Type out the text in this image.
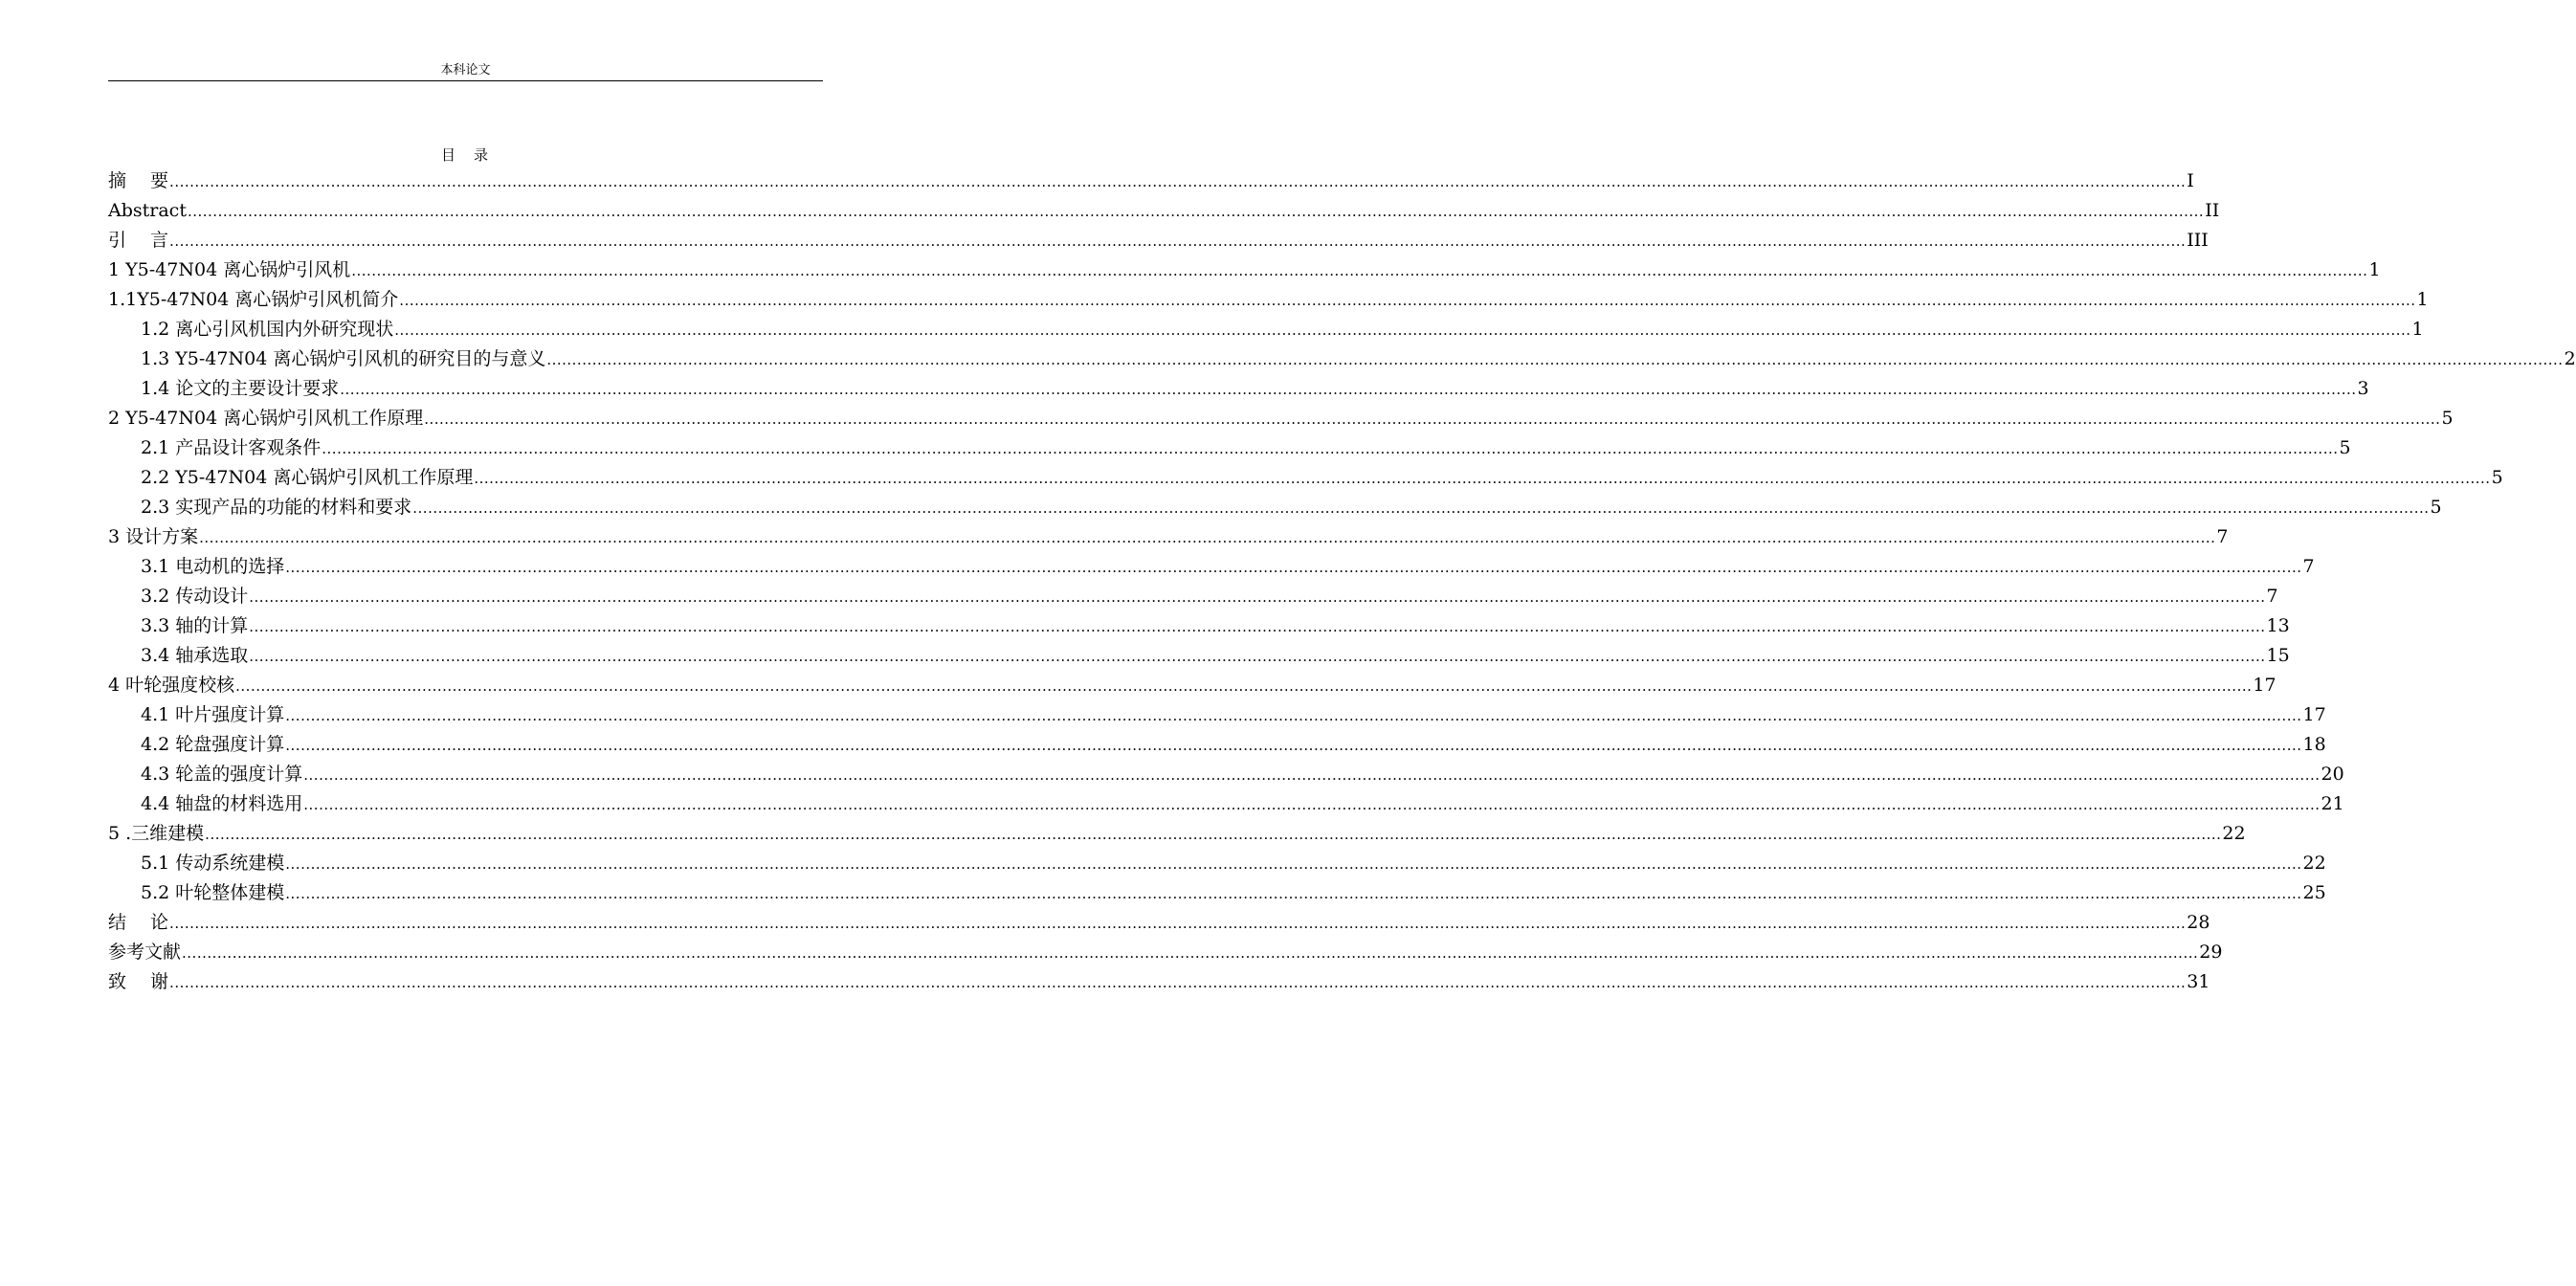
本科论文
目　录
摘　 要 ................................................................................................................................................................................................................................................................................................................................................................................................................ I
Abstract ................................................................................................................................................................................................................................................................................................................................................................................................................ II
引　 言 ................................................................................................................................................................................................................................................................................................................................................................................................................ III
1 Y5-47N04 离心锅炉引风机 ................................................................................................................................................................................................................................................................................................................................................................................................................ 1
1.1Y5-47N04 离心锅炉引风机简介 ................................................................................................................................................................................................................................................................................................................................................................................................................ 1
1.2 离心引风机国内外研究现状 ................................................................................................................................................................................................................................................................................................................................................................................................................ 1
1.3 Y5-47N04 离心锅炉引风机的研究目的与意义 ................................................................................................................................................................................................................................................................................................................................................................................................................ 2
1.4 论文的主要设计要求 ................................................................................................................................................................................................................................................................................................................................................................................................................ 3
2 Y5-47N04 离心锅炉引风机工作原理 ................................................................................................................................................................................................................................................................................................................................................................................................................ 5
2.1 产品设计客观条件 ................................................................................................................................................................................................................................................................................................................................................................................................................ 5
2.2 Y5-47N04 离心锅炉引风机工作原理 ................................................................................................................................................................................................................................................................................................................................................................................................................ 5
2.3 实现产品的功能的材料和要求 ................................................................................................................................................................................................................................................................................................................................................................................................................ 5
3 设计方案 ................................................................................................................................................................................................................................................................................................................................................................................................................ 7
3.1 电动机的选择 ................................................................................................................................................................................................................................................................................................................................................................................................................ 7
3.2 传动设计 ................................................................................................................................................................................................................................................................................................................................................................................................................ 7
3.3 轴的计算 ................................................................................................................................................................................................................................................................................................................................................................................................................ 13
3.4 轴承选取 ................................................................................................................................................................................................................................................................................................................................................................................................................ 15
4 叶轮强度校核 ................................................................................................................................................................................................................................................................................................................................................................................................................ 17
4.1 叶片强度计算 ................................................................................................................................................................................................................................................................................................................................................................................................................ 17
4.2 轮盘强度计算 ................................................................................................................................................................................................................................................................................................................................................................................................................ 18
4.3 轮盖的强度计算 ................................................................................................................................................................................................................................................................................................................................................................................................................ 20
4.4 轴盘的材料选用 ................................................................................................................................................................................................................................................................................................................................................................................................................ 21
5 .三维建模 ................................................................................................................................................................................................................................................................................................................................................................................................................ 22
5.1 传动系统建模 ................................................................................................................................................................................................................................................................................................................................................................................................................ 22
5.2 叶轮整体建模 ................................................................................................................................................................................................................................................................................................................................................................................................................ 25
结　 论 ................................................................................................................................................................................................................................................................................................................................................................................................................ 28
参考文献 ................................................................................................................................................................................................................................................................................................................................................................................................................ 29
致　 谢 ................................................................................................................................................................................................................................................................................................................................................................................................................ 31
